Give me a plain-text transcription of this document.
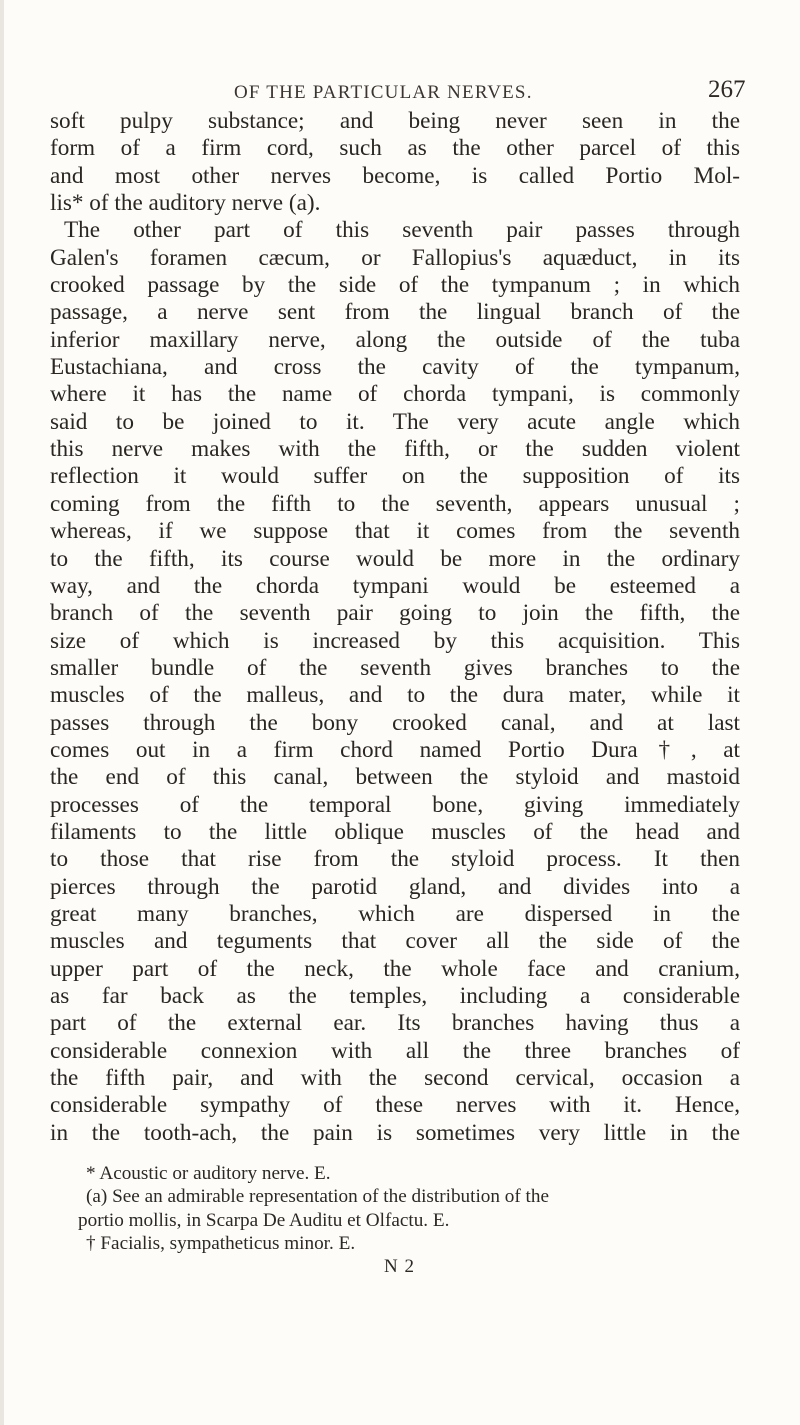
OF THE PARTICULAR NERVES.	267
soft pulpy substance; and being never seen in the
form of a firm cord, such as the other parcel of this
and most other nerves become, is called Portio Mol-
lis* of the auditory nerve (a).
The other part of this seventh pair passes through
Galen's foramen cæcum, or Fallopius's aquæduct, in its
crooked passage by the side of the tympanum ; in which
passage, a nerve sent from the lingual branch of the
inferior maxillary nerve, along the outside of the tuba
Eustachiana, and cross the cavity of the tympanum,
where it has the name of chorda tympani, is commonly
said to be joined to it. The very acute angle which
this nerve makes with the fifth, or the sudden violent
reflection it would suffer on the supposition of its
coming from the fifth to the seventh, appears unusual ;
whereas, if we suppose that it comes from the seventh
to the fifth, its course would be more in the ordinary
way, and the chorda tympani would be esteemed a
branch of the seventh pair going to join the fifth, the
size of which is increased by this acquisition. This
smaller bundle of the seventh gives branches to the
muscles of the malleus, and to the dura mater, while it
passes through the bony crooked canal, and at last
comes out in a firm chord named Portio Dura†, at
the end of this canal, between the styloid and mastoid
processes of the temporal bone, giving immediately
filaments to the little oblique muscles of the head and
to those that rise from the styloid process. It then
pierces through the parotid gland, and divides into a
great many branches, which are dispersed in the
muscles and teguments that cover all the side of the
upper part of the neck, the whole face and cranium,
as far back as the temples, including a considerable
part of the external ear. Its branches having thus a
considerable connexion with all the three branches of
the fifth pair, and with the second cervical, occasion a
considerable sympathy of these nerves with it. Hence,
in the tooth-ach, the pain is sometimes very little in the
* Acoustic or auditory nerve. E.
(a) See an admirable representation of the distribution of the
portio mollis, in Scarpa De Auditu et Olfactu. E.
† Facialis, sympatheticus minor. E.
N 2
